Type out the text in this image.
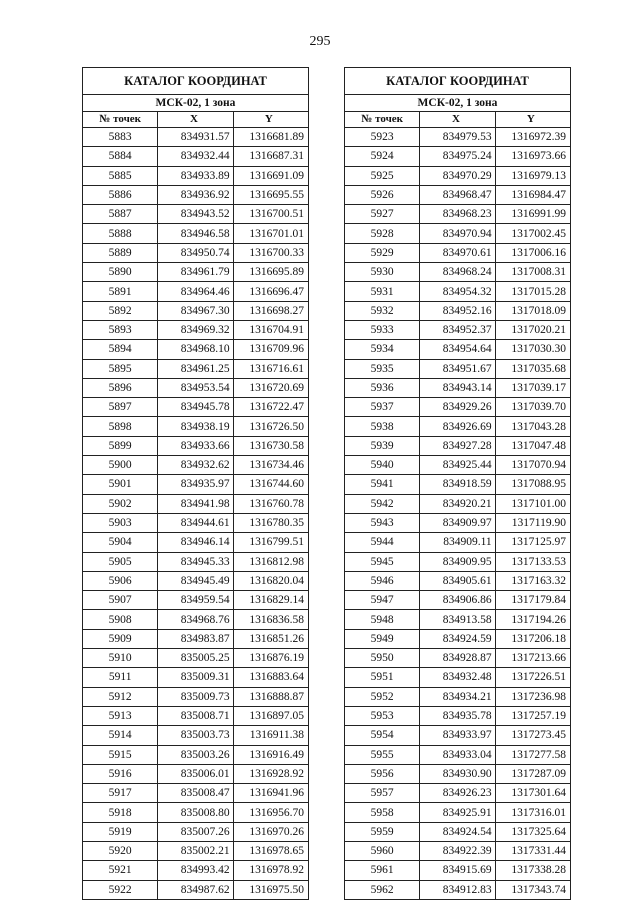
295
КАТАЛОГ КООРДИНАТ		
МСК-02, 1 зона		
№ точек	X	Y
5883	834931.57	1316681.89
5884	834932.44	1316687.31
5885	834933.89	1316691.09
5886	834936.92	1316695.55
5887	834943.52	1316700.51
5888	834946.58	1316701.01
5889	834950.74	1316700.33
5890	834961.79	1316695.89
5891	834964.46	1316696.47
5892	834967.30	1316698.27
5893	834969.32	1316704.91
5894	834968.10	1316709.96
5895	834961.25	1316716.61
5896	834953.54	1316720.69
5897	834945.78	1316722.47
5898	834938.19	1316726.50
5899	834933.66	1316730.58
5900	834932.62	1316734.46
5901	834935.97	1316744.60
5902	834941.98	1316760.78
5903	834944.61	1316780.35
5904	834946.14	1316799.51
5905	834945.33	1316812.98
5906	834945.49	1316820.04
5907	834959.54	1316829.14
5908	834968.76	1316836.58
5909	834983.87	1316851.26
5910	835005.25	1316876.19
5911	835009.31	1316883.64
5912	835009.73	1316888.87
5913	835008.71	1316897.05
5914	835003.73	1316911.38
5915	835003.26	1316916.49
5916	835006.01	1316928.92
5917	835008.47	1316941.96
5918	835008.80	1316956.70
5919	835007.26	1316970.26
5920	835002.21	1316978.65
5921	834993.42	1316978.92
5922	834987.62	1316975.50
КАТАЛОГ КООРДИНАТ		
МСК-02, 1 зона		
№ точек	X	Y
5923	834979.53	1316972.39
5924	834975.24	1316973.66
5925	834970.29	1316979.13
5926	834968.47	1316984.47
5927	834968.23	1316991.99
5928	834970.94	1317002.45
5929	834970.61	1317006.16
5930	834968.24	1317008.31
5931	834954.32	1317015.28
5932	834952.16	1317018.09
5933	834952.37	1317020.21
5934	834954.64	1317030.30
5935	834951.67	1317035.68
5936	834943.14	1317039.17
5937	834929.26	1317039.70
5938	834926.69	1317043.28
5939	834927.28	1317047.48
5940	834925.44	1317070.94
5941	834918.59	1317088.95
5942	834920.21	1317101.00
5943	834909.97	1317119.90
5944	834909.11	1317125.97
5945	834909.95	1317133.53
5946	834905.61	1317163.32
5947	834906.86	1317179.84
5948	834913.58	1317194.26
5949	834924.59	1317206.18
5950	834928.87	1317213.66
5951	834932.48	1317226.51
5952	834934.21	1317236.98
5953	834935.78	1317257.19
5954	834933.97	1317273.45
5955	834933.04	1317277.58
5956	834930.90	1317287.09
5957	834926.23	1317301.64
5958	834925.91	1317316.01
5959	834924.54	1317325.64
5960	834922.39	1317331.44
5961	834915.69	1317338.28
5962	834912.83	1317343.74
